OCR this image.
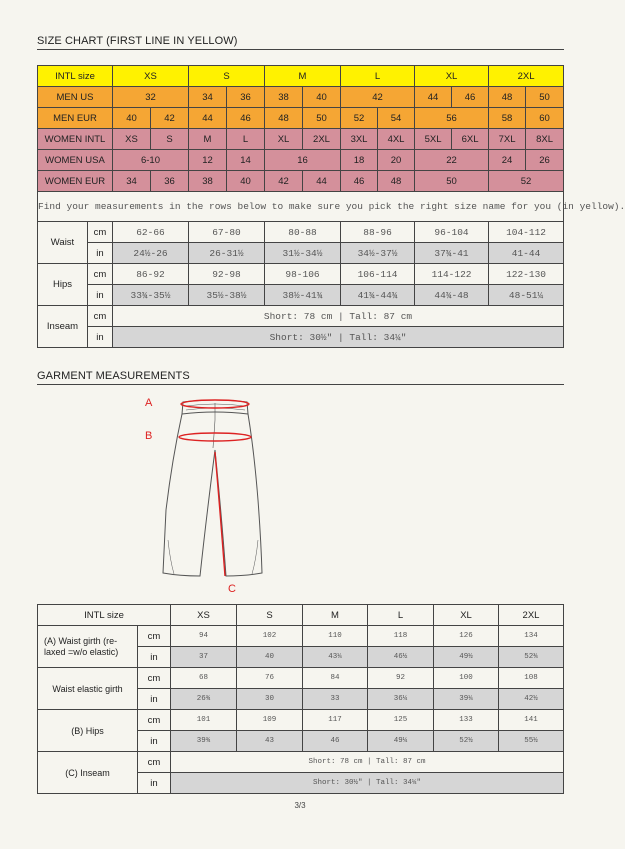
SIZE CHART (FIRST LINE IN YELLOW)
INTL size		XS		S		M		L		XL		2XL	
MEN US		32		34	36	38	40	42		44	46	48	50
MEN EUR		40	42	44	46	48	50	52	54	56		58	60
WOMEN INTL		XS	S	M	L	XL	2XL	3XL	4XL	5XL	6XL	7XL	8XL
WOMEN USA		6-10		12	14	16		18	20	22		24	26
WOMEN EUR		34	36	38	40	42	44	46	48	50		52	
Find your measurements in the rows below to make sure you pick the right size name for you (in yellow).													
Waist	cm	62-66		67-80		80-88		88-96		96-104		104-112	
	in	24½-26		26-31½		31½-34½		34½-37½		37¾-41		41-44	
Hips	cm	86-92		92-98		98-106		106-114		114-122		122-130	
	in	33¾-35½		35½-38½		38½-41¾		41¾-44¾		44¾-48		48-51¼	
Inseam	cm	Short: 78 cm | Tall: 87 cm											
	in	Short: 30½" | Tall: 34¼"											
GARMENT MEASUREMENTS
A
B
C
INTL size		XS	S	M	L	XL	2XL
(A) Waist girth (re-laxed =w/o elastic)	cm	94	102	110	118	126	134
	in	37	40	43¼	46½	49½	52¾
Waist elastic girth	cm	68	76	84	92	100	108
	in	26¾	30	33	36¼	39¼	42½
(B) Hips	cm	101	109	117	125	133	141
	in	39¾	43	46	49¼	52½	55½
(C) Inseam	cm	Short: 78 cm | Tall: 87 cm					
	in	Short: 30½" | Tall: 34¼"					
3/3
